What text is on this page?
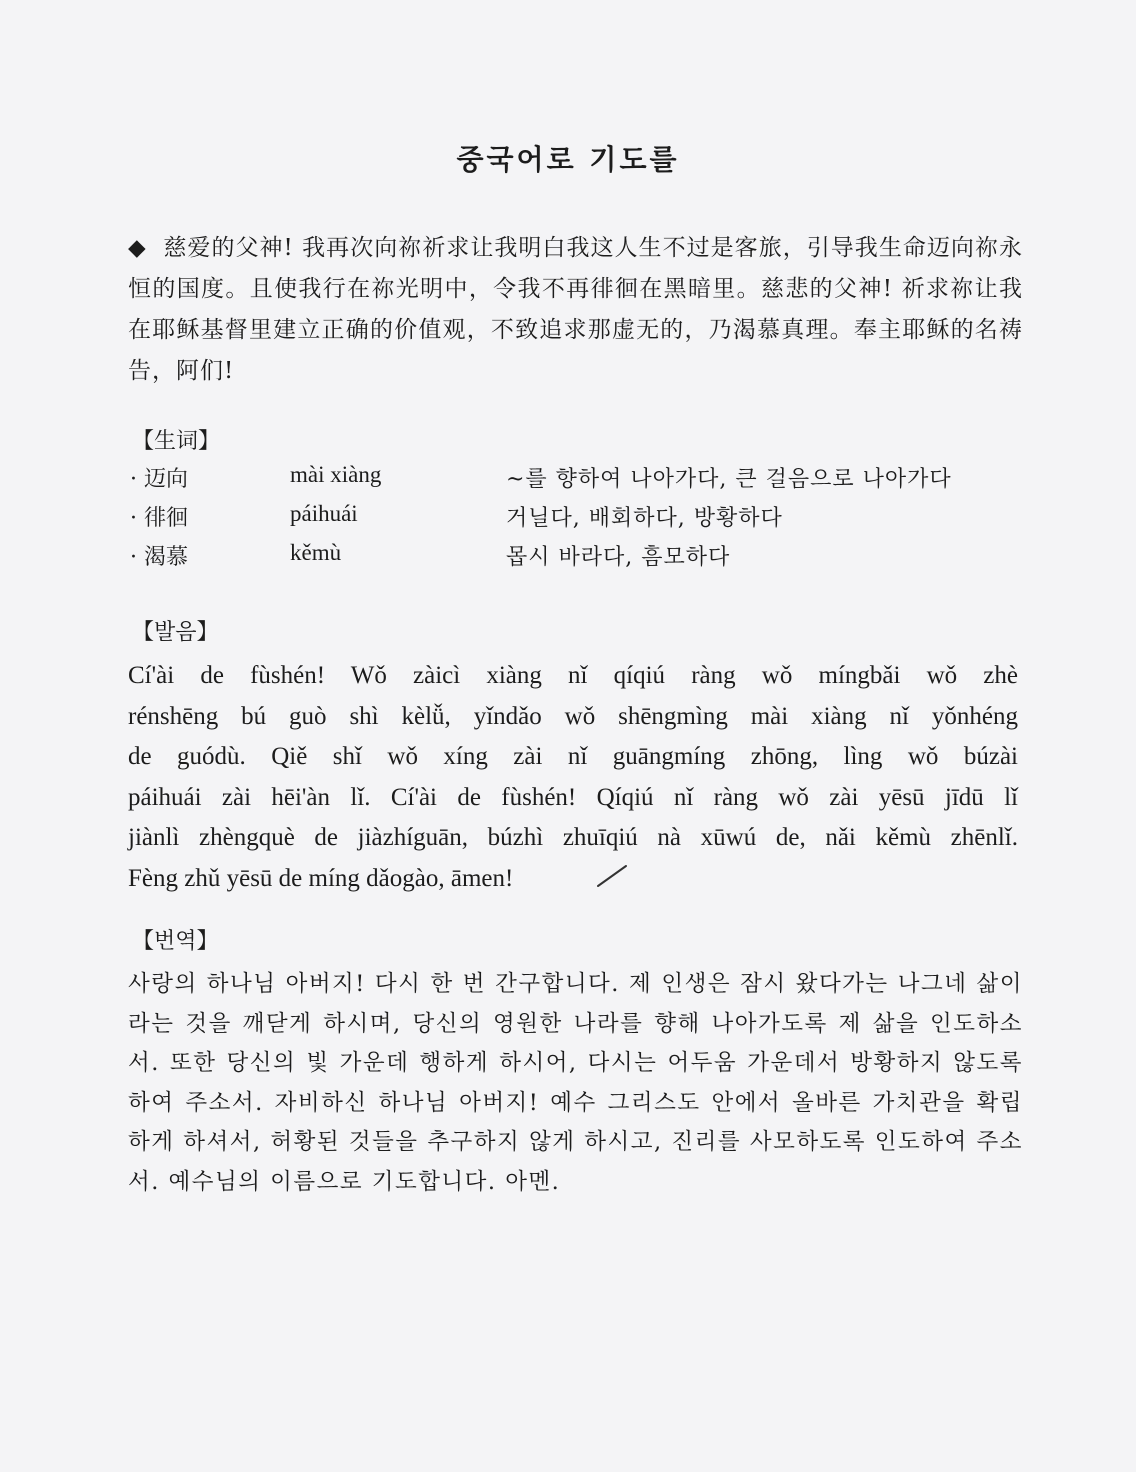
중국어로 기도를
◆ 慈爱的父神! 我再次向祢祈求让我明白我这人生不过是客旅，引导我生命迈向祢永恒的国度。且使我行在祢光明中，令我不再徘徊在黑暗里。慈悲的父神! 祈求祢让我在耶稣基督里建立正确的价值观，不致追求那虚无的，乃渴慕真理。奉主耶稣的名祷告，阿们!
【生词】
· 迈向	mài xiàng	~를 향하여 나아가다, 큰 걸음으로 나아가다
· 徘徊	páihuái	거닐다, 배회하다, 방황하다
· 渴慕	kěmù	몹시 바라다, 흠모하다
【발음】
Cí'ài de fùshén! Wǒ zàicì xiàng nǐ qíqiú ràng wǒ míngbǎi wǒ zhè
rénshēng bú guò shì kèlǚ, yǐndǎo wǒ shēngmìng mài xiàng nǐ yǒnhéng
de guódù. Qiě shǐ wǒ xíng zài nǐ guāngmíng zhōng, lìng wǒ búzài
páihuái zài hēi'àn lǐ. Cí'ài de fùshén! Qíqiú nǐ ràng wǒ zài yēsū jīdū lǐ
jiànlì zhèngquè de jiàzhíguān, búzhì zhuīqiú nà xūwú de, nǎi kěmù zhēnlǐ.
Fèng zhǔ yēsū de míng dǎogào, āmen!
【번역】
사랑의 하나님 아버지! 다시 한 번 간구합니다. 제 인생은 잠시 왔다가는 나그네 삶이라는 것을 깨닫게 하시며, 당신의 영원한 나라를 향해 나아가도록 제 삶을 인도하소서. 또한 당신의 빛 가운데 행하게 하시어, 다시는 어두움 가운데서 방황하지 않도록 하여 주소서. 자비하신 하나님 아버지! 예수 그리스도 안에서 올바른 가치관을 확립하게 하셔서, 허황된 것들을 추구하지 않게 하시고, 진리를 사모하도록 인도하여 주소서. 예수님의 이름으로 기도합니다. 아멘.
